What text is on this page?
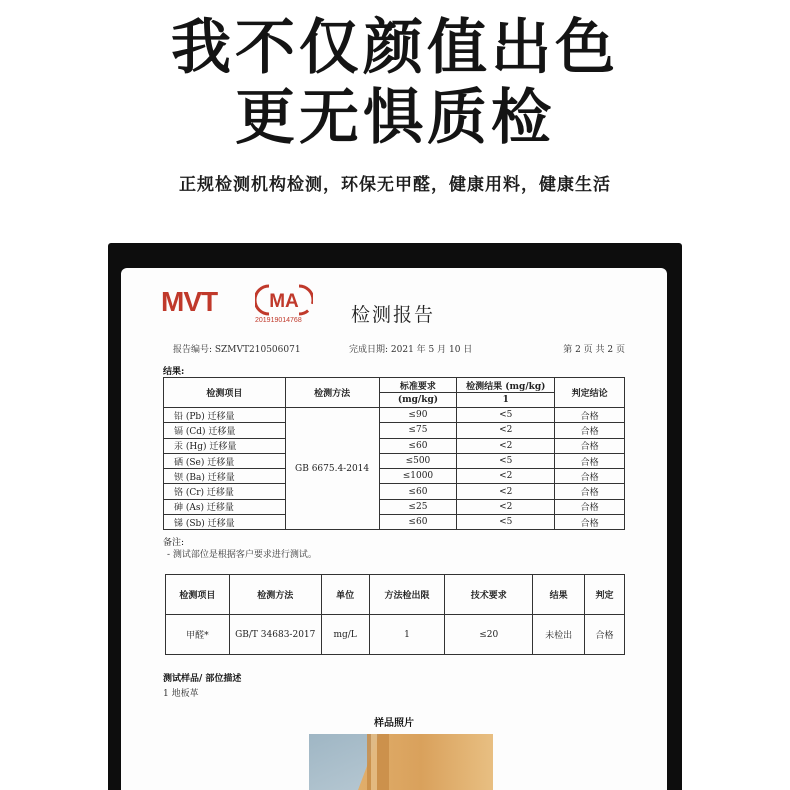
我不仅颜值出色
更无惧质检
正规检测机构检测，环保无甲醛，健康用料，健康生活
MVT	MA
201919014768	检测报告
报告编号: SZMVT210506071	完成日期: 2021 年 5 月 10 日	第 2 页 共 2 页
结果:
检测项目	检测方法	标准要求	检测结果 (mg/kg)	判定结论
		(mg/kg)	1	
铅 (Pb) 迁移量	GB 6675.4-2014	≤90	<5	合格
镉 (Cd) 迁移量		≤75	<2	合格
汞 (Hg) 迁移量		≤60	<2	合格
硒 (Se) 迁移量		≤500	<5	合格
钡 (Ba) 迁移量		≤1000	<2	合格
铬 (Cr) 迁移量		≤60	<2	合格
砷 (As) 迁移量		≤25	<2	合格
锑 (Sb) 迁移量		≤60	<5	合格
备注:
- 测试部位是根据客户要求进行测试。
检测项目	检测方法	单位	方法检出限	技术要求	结果	判定
甲醛*	GB/T 34683-2017	mg/L	1	≤20	未检出	合格
测试样品/ 部位描述
1 地板革
样品照片
